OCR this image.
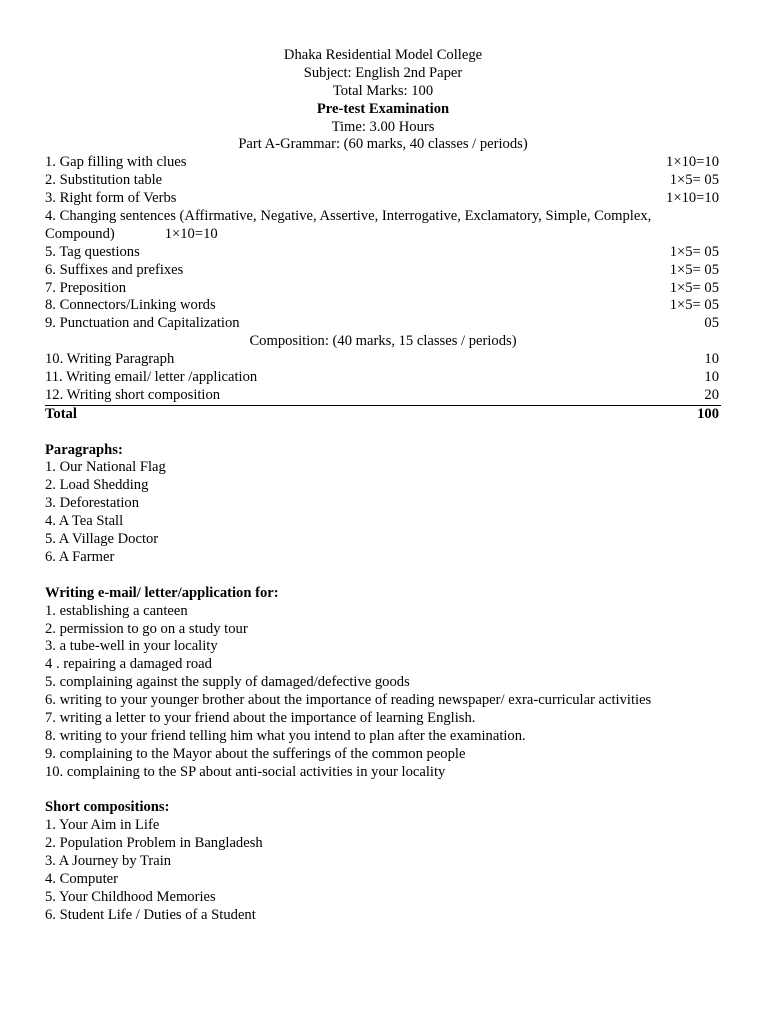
Dhaka Residential Model College
Subject: English 2nd Paper
Total Marks: 100
Pre-test Examination
Time: 3.00 Hours
Part A-Grammar: (60 marks, 40 classes / periods)
1. Gap filling with clues	1×10=10
2. Substitution table	1×5= 05
3. Right form of Verbs	1×10=10
4. Changing sentences (Affirmative, Negative, Assertive, Interrogative, Exclamatory, Simple, Complex,
Compound)	1×10=10
5. Tag questions	1×5= 05
6. Suffixes and prefixes	1×5= 05
7. Preposition	1×5= 05
8. Connectors/Linking words	1×5= 05
9. Punctuation and Capitalization	05
Composition: (40 marks, 15 classes / periods)
10. Writing Paragraph	10
11. Writing email/ letter /application	10
12. Writing short composition	20
Total	100
Paragraphs:
1. Our National Flag
2. Load Shedding
3. Deforestation
4. A Tea Stall
5. A Village Doctor
6. A Farmer
Writing e-mail/ letter/application for:
1. establishing a canteen
2. permission to go on a study tour
3. a tube-well in your locality
4 . repairing a damaged road
5. complaining against the supply of damaged/defective goods
6. writing to your younger brother about the importance of reading newspaper/ exra-curricular activities
7. writing a letter to your friend about the importance of learning English.
8. writing to your friend telling him what you intend to plan after the examination.
9. complaining to the Mayor about the sufferings of the common people
10. complaining to the SP about anti-social activities in your locality
Short compositions:
1. Your Aim in Life
2. Population Problem in Bangladesh
3. A Journey by Train
4. Computer
5. Your Childhood Memories
6. Student Life / Duties of a Student
